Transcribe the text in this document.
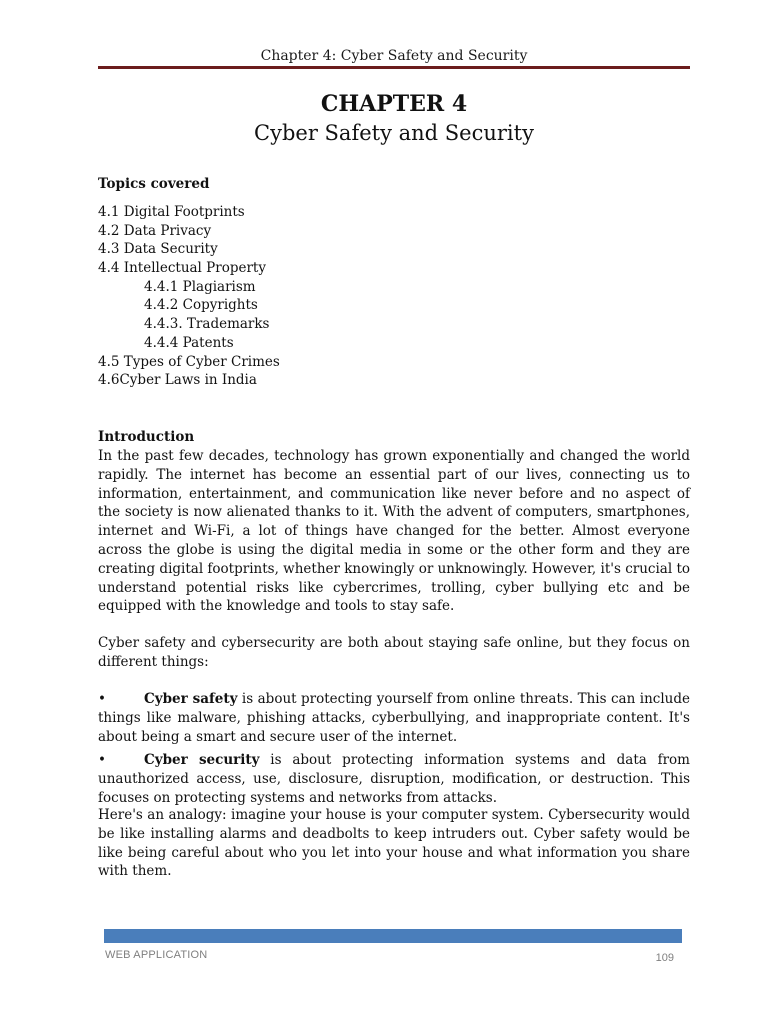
Chapter 4: Cyber Safety and Security
CHAPTER 4
Cyber Safety and Security
Topics covered
4.1 Digital Footprints
4.2 Data Privacy
4.3 Data Security
4.4 Intellectual Property
4.4.1 Plagiarism
4.4.2 Copyrights
4.4.3. Trademarks
4.4.4 Patents
4.5 Types of Cyber Crimes
4.6Cyber Laws in India
Introduction

In the past few decades, technology has grown exponentially and changed the world rapidly. The internet has become an essential part of our lives, connecting us to information, entertainment, and communication like never before and no aspect of the society is now alienated thanks to it. With the advent of computers, smartphones, internet and Wi-Fi, a lot of things have changed for the better. Almost everyone across the globe is using the digital media in some or the other form and they are creating digital footprints, whether knowingly or unknowingly. However, it's crucial to understand potential risks like cybercrimes, trolling, cyber bullying etc and be equipped with the knowledge and tools to stay safe.

Cyber safety and cybersecurity are both about staying safe online, but they focus on different things:

•	Cyber safety is about protecting yourself from online threats. This can include things like malware, phishing attacks, cyberbullying, and inappropriate content. It's about being a smart and secure user of the internet.

•	Cyber security is about protecting information systems and data from unauthorized access, use, disclosure, disruption, modification, or destruction. This focuses on protecting systems and networks from attacks.

Here's an analogy: imagine your house is your computer system. Cybersecurity would be like installing alarms and deadbolts to keep intruders out. Cyber safety would be like being careful about who you let into your house and what information you share with them.

WEB APPLICATION	109
